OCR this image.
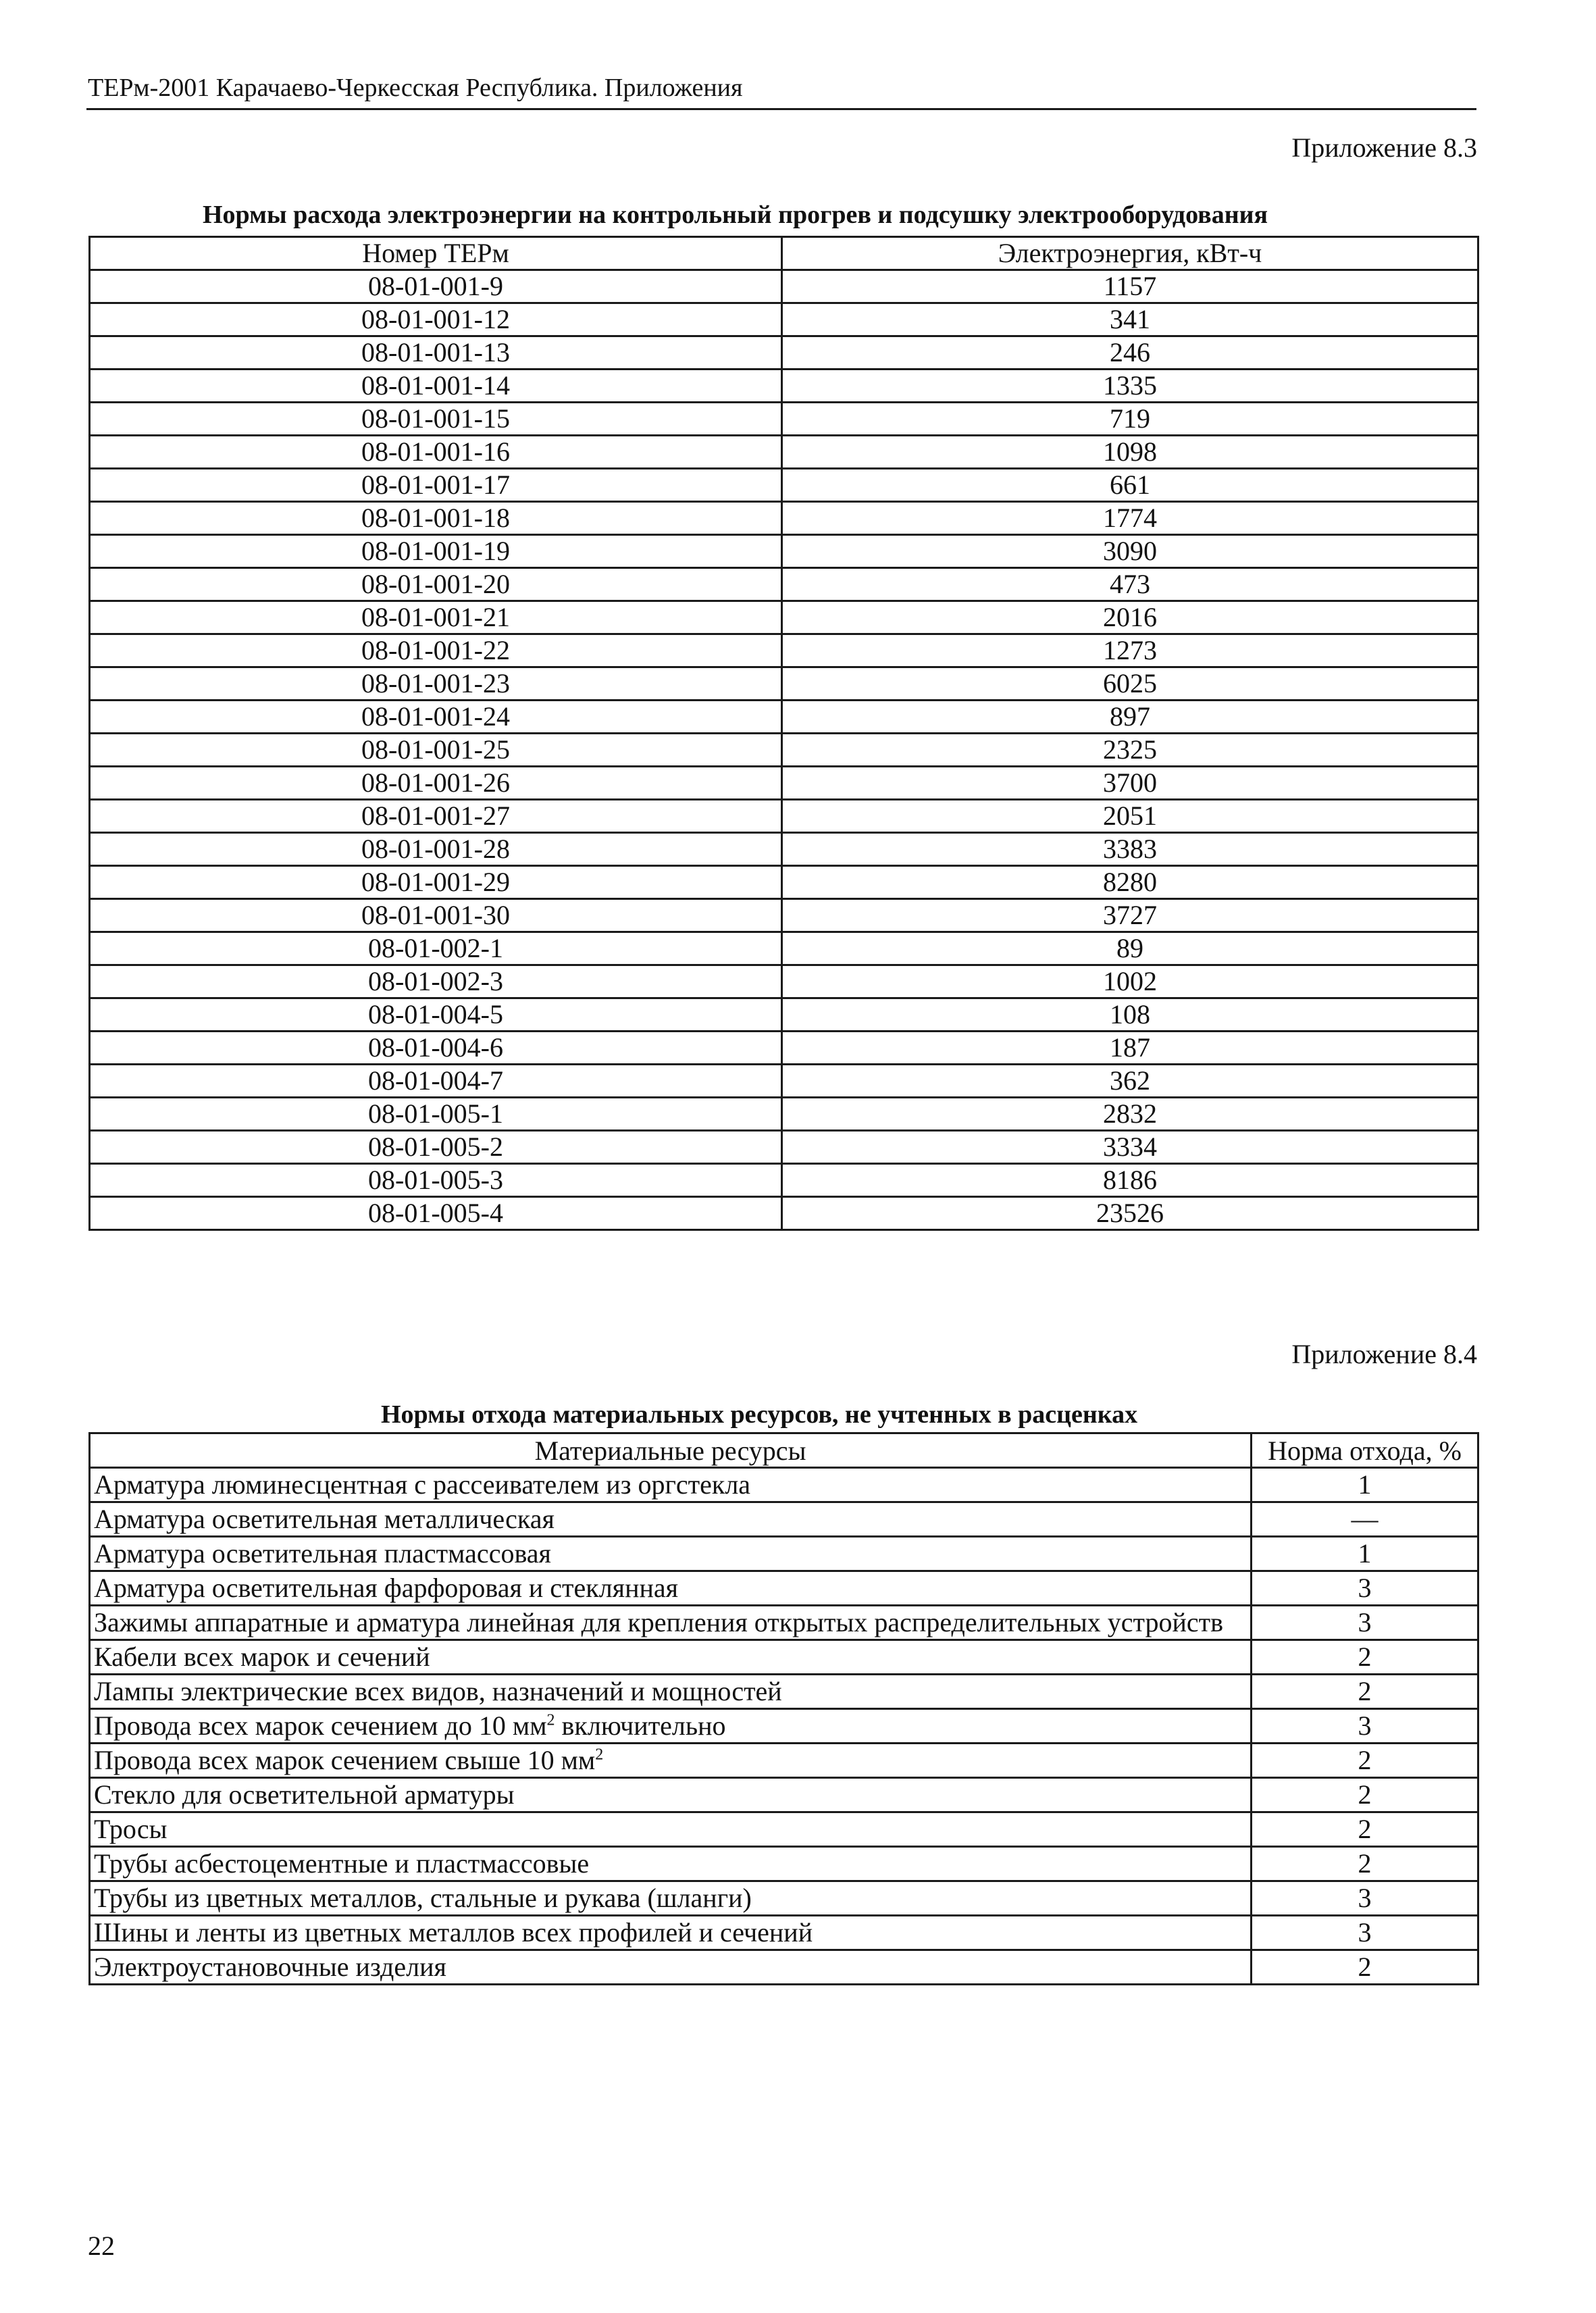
ТЕРм-2001 Карачаево-Черкесская Республика. Приложения
Приложение 8.3
Нормы расхода электроэнергии на контрольный прогрев и подсушку электрооборудования
Номер ТЕРм	Электроэнергия, кВт-ч
08-01-001-9	1157
08-01-001-12	341
08-01-001-13	246
08-01-001-14	1335
08-01-001-15	719
08-01-001-16	1098
08-01-001-17	661
08-01-001-18	1774
08-01-001-19	3090
08-01-001-20	473
08-01-001-21	2016
08-01-001-22	1273
08-01-001-23	6025
08-01-001-24	897
08-01-001-25	2325
08-01-001-26	3700
08-01-001-27	2051
08-01-001-28	3383
08-01-001-29	8280
08-01-001-30	3727
08-01-002-1	89
08-01-002-3	1002
08-01-004-5	108
08-01-004-6	187
08-01-004-7	362
08-01-005-1	2832
08-01-005-2	3334
08-01-005-3	8186
08-01-005-4	23526
Приложение 8.4
Нормы отхода материальных ресурсов, не учтенных в расценках
Материальные ресурсы	Норма отхода, %
Арматура люминесцентная с рассеивателем из оргстекла	1
Арматура осветительная металлическая	—
Арматура осветительная пластмассовая	1
Арматура осветительная фарфоровая и стеклянная	3
Зажимы аппаратные и арматура линейная для крепления открытых распределительных устройств	3
Кабели всех марок и сечений	2
Лампы электрические всех видов, назначений и мощностей	2
Провода всех марок сечением до 10 $мм^2$ включительно	3
Провода всех марок сечением свыше 10 $мм^2$	2
Стекло для осветительной арматуры	2
Тросы	2
Трубы асбестоцементные и пластмассовые	2
Трубы из цветных металлов, стальные и рукава (шланги)	3
Шины и ленты из цветных металлов всех профилей и сечений	3
Электроустановочные изделия	2
22
